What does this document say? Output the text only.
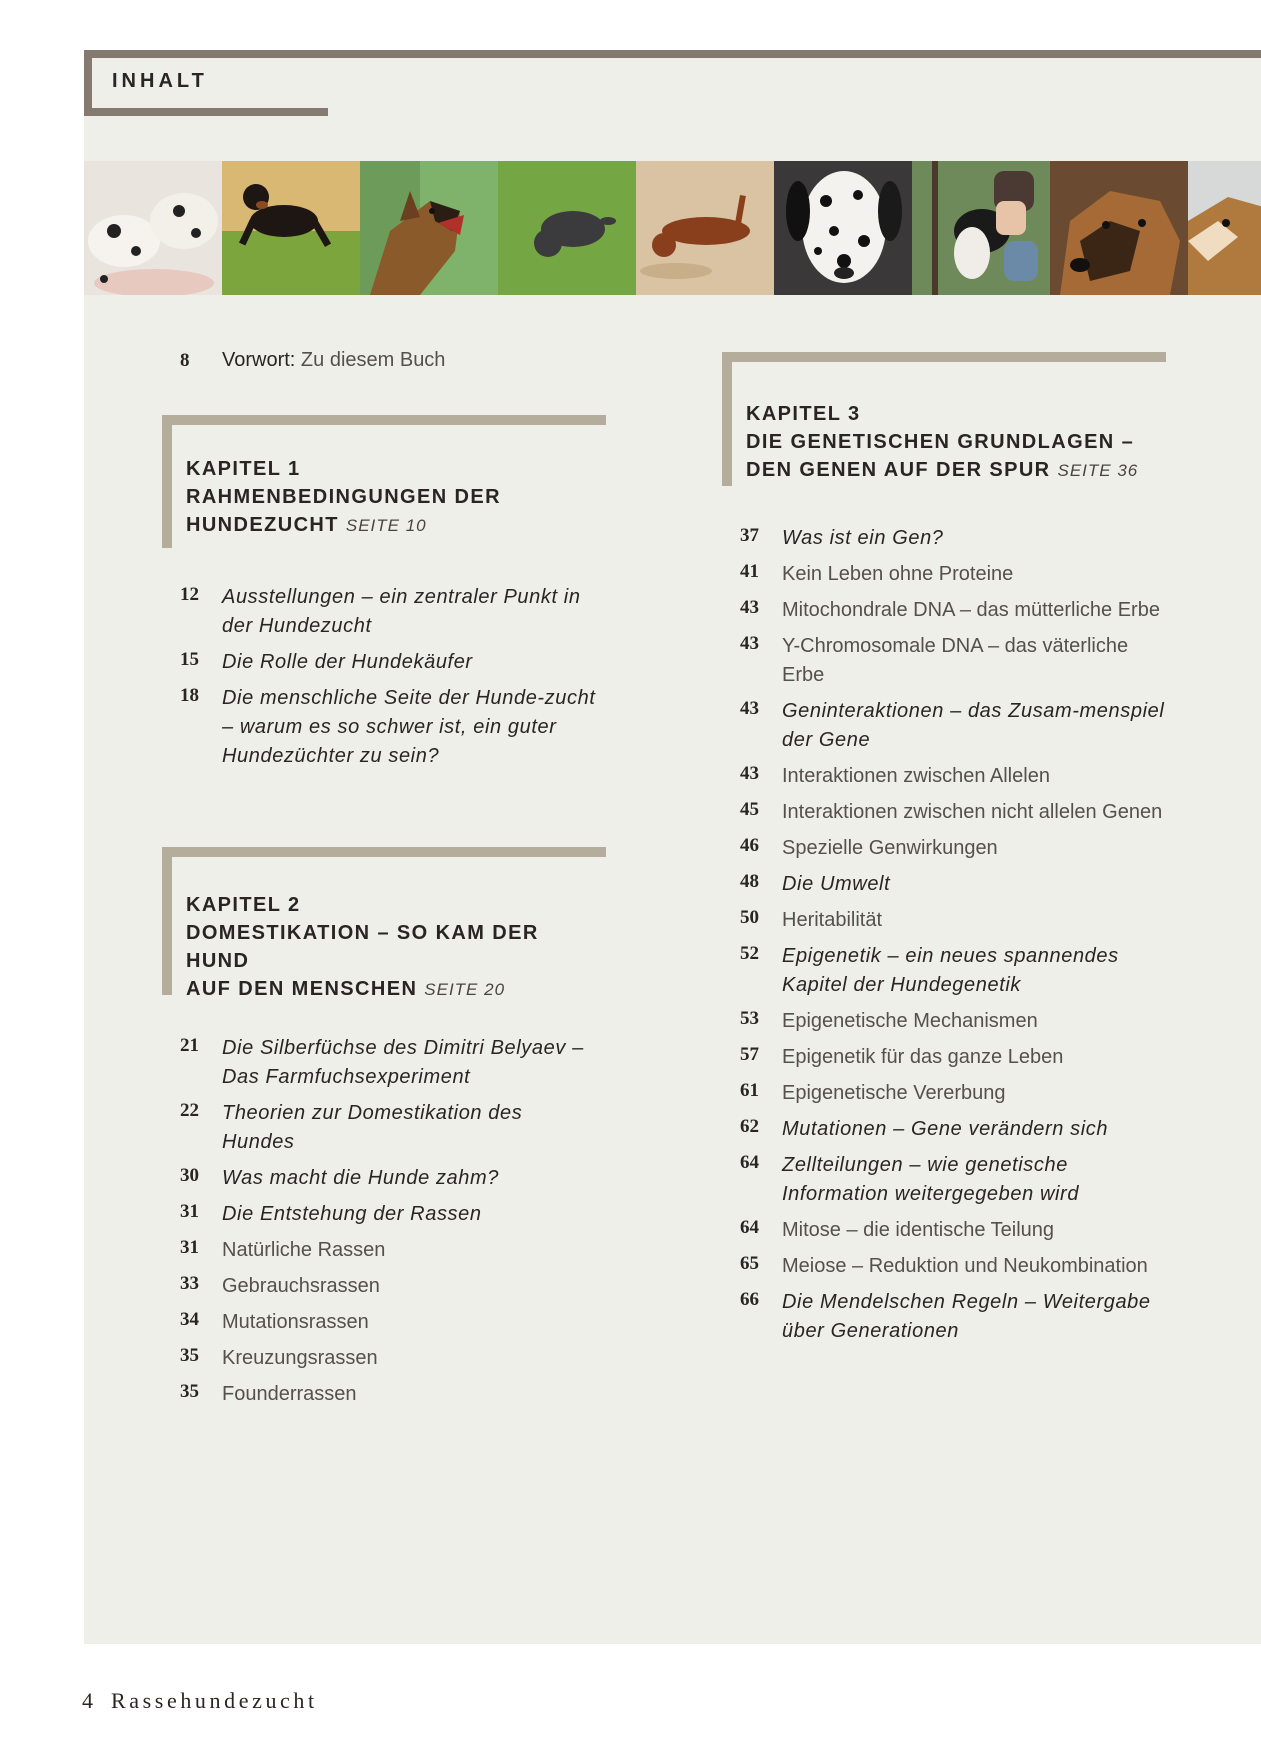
INHALT
8 Vorwort: Zu diesem Buch
KAPITEL 1
RAHMENBEDINGUNGEN DER
HUNDEZUCHT SEITE 10
12 Ausstellungen – ein zentraler Punkt in der Hundezucht
15 Die Rolle der Hundekäufer
18 Die menschliche Seite der Hunde-zucht – warum es so schwer ist, ein guter Hundezüchter zu sein?
KAPITEL 2
DOMESTIKATION – SO KAM DER HUND
AUF DEN MENSCHEN SEITE 20
21 Die Silberfüchse des Dimitri Belyaev – Das Farmfuchsexperiment
22 Theorien zur Domestikation des Hundes
30 Was macht die Hunde zahm?
31 Die Entstehung der Rassen
31 Natürliche Rassen
33 Gebrauchsrassen
34 Mutationsrassen
35 Kreuzungsrassen
35 Founderrassen
KAPITEL 3
DIE GENETISCHEN GRUNDLAGEN –
DEN GENEN AUF DER SPUR SEITE 36
37 Was ist ein Gen?
41 Kein Leben ohne Proteine
43 Mitochondrale DNA – das mütterliche Erbe
43 Y-Chromosomale DNA – das väterliche Erbe
43 Geninteraktionen – das Zusam-menspiel der Gene
43 Interaktionen zwischen Allelen
45 Interaktionen zwischen nicht allelen Genen
46 Spezielle Genwirkungen
48 Die Umwelt
50 Heritabilität
52 Epigenetik – ein neues spannendes Kapitel der Hundegenetik
53 Epigenetische Mechanismen
57 Epigenetik für das ganze Leben
61 Epigenetische Vererbung
62 Mutationen – Gene verändern sich
64 Zellteilungen – wie genetische Information weitergegeben wird
64 Mitose – die identische Teilung
65 Meiose – Reduktion und Neukombination
66 Die Mendelschen Regeln – Weitergabe über Generationen
4 Rassehundezucht
